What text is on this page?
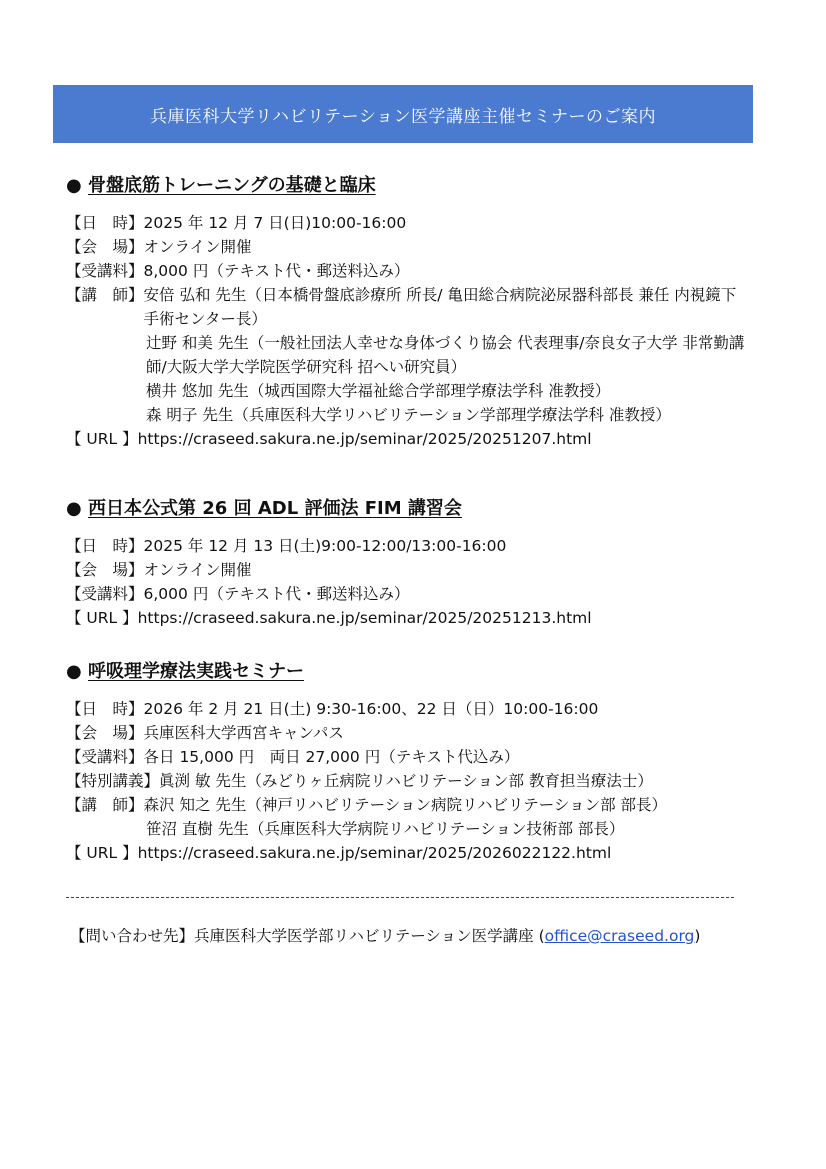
兵庫医科大学リハビリテーション医学講座主催セミナーのご案内
● 骨盤底筋トレーニングの基礎と臨床
【日　時】 2025 年 12 月 7 日(日)10:00-16:00
【会　場】 オンライン開催
【受講料】 8,000 円（テキスト代・郵送料込み）
【講　師】 安倍 弘和 先生（日本橋骨盤底診療所 所長/ 亀田総合病院泌尿器科部長 兼任 内視鏡下手術センター長）
辻野 和美 先生（一般社団法人幸せな身体づくり協会 代表理事/奈良女子大学 非常勤講師/大阪大学大学院医学研究科 招へい研究員）
横井 悠加 先生（城西国際大学福祉総合学部理学療法学科 准教授）
森 明子 先生（兵庫医科大学リハビリテーション学部理学療法学科 准教授）
【 URL 】 https://craseed.sakura.ne.jp/seminar/2025/20251207.html
● 西日本公式第 26 回 ADL 評価法 FIM 講習会
【日　時】 2025 年 12 月 13 日(土)9:00-12:00/13:00-16:00
【会　場】 オンライン開催
【受講料】 6,000 円（テキスト代・郵送料込み）
【 URL 】 https://craseed.sakura.ne.jp/seminar/2025/20251213.html
● 呼吸理学療法実践セミナー
【日　時】 2026 年 2 月 21 日(土) 9:30-16:00、22 日（日）10:00-16:00
【会　場】 兵庫医科大学西宮キャンパス
【受講料】 各日 15,000 円　両日 27,000 円（テキスト代込み）
【特別講義】 眞渕 敏 先生（みどりヶ丘病院リハビリテーション部 教育担当療法士）
【講　師】 森沢 知之 先生（神戸リハビリテーション病院リハビリテーション部 部長）
笹沼 直樹 先生（兵庫医科大学病院リハビリテーション技術部 部長）
【 URL 】 https://craseed.sakura.ne.jp/seminar/2025/2026022122.html
【問い合わせ先】兵庫医科大学医学部リハビリテーション医学講座 (office@craseed.org)
